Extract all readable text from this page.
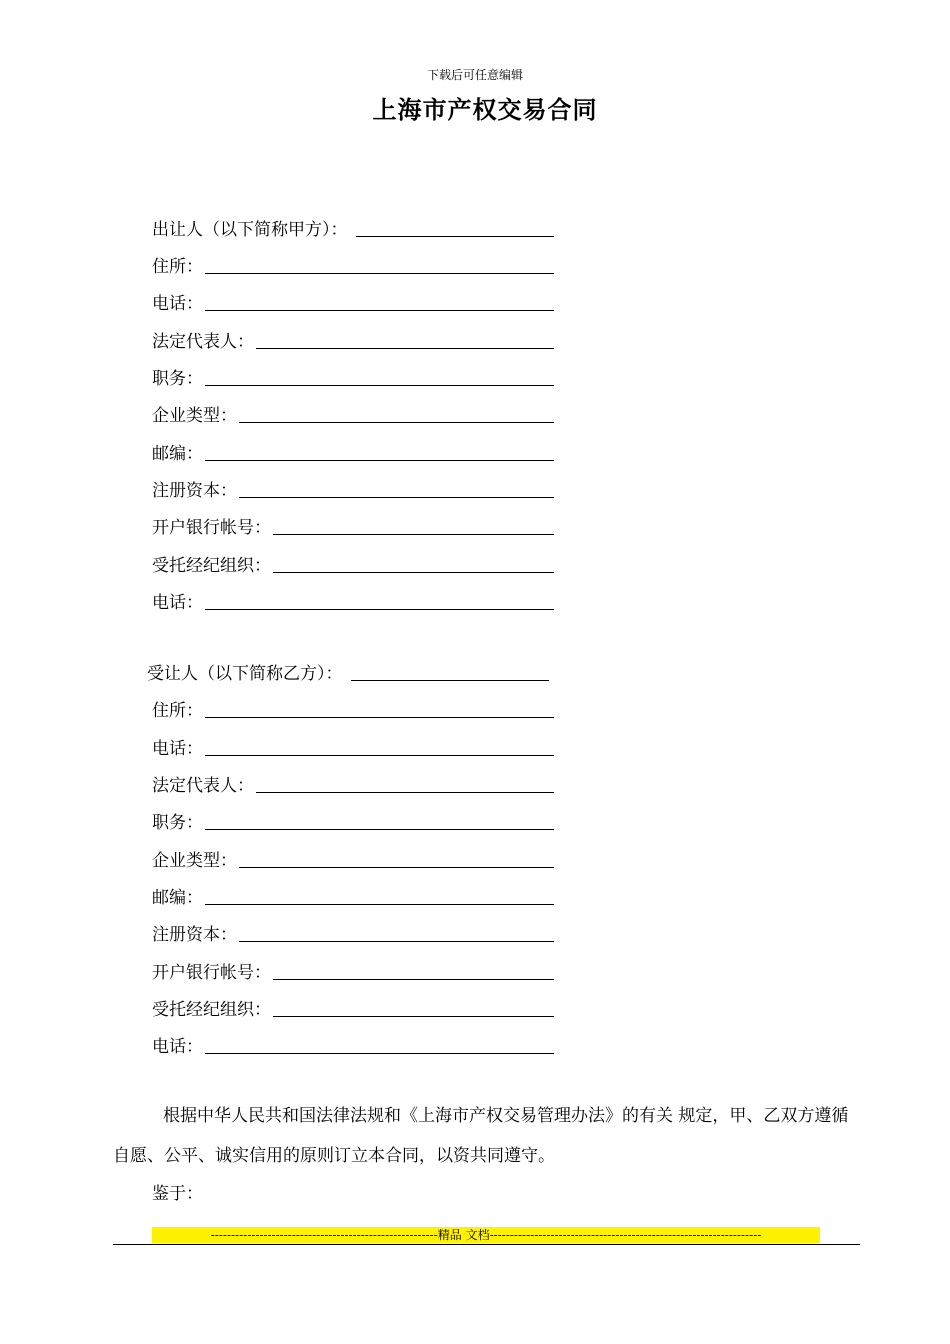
下载后可任意编辑
上海市产权交易合同
出让人（以下简称甲方）：
住所：
电话：
法定代表人：
职务：
企业类型：
邮编：
注册资本：
开户银行帐号：
受托经纪组织：
电话：
受让人（以下简称乙方）：
住所：
电话：
法定代表人：
职务：
企业类型：
邮编：
注册资本：
开户银行帐号：
受托经纪组织：
电话：
根据中华人民共和国法律法规和《上海市产权交易管理办法》的有关 规定，甲、乙双方遵循自愿、公平、诚实信用的原则订立本合同，以资共同遵守。
鉴于：
--------------------------------------------------------精品 文档-------------------------------------------------------------------
